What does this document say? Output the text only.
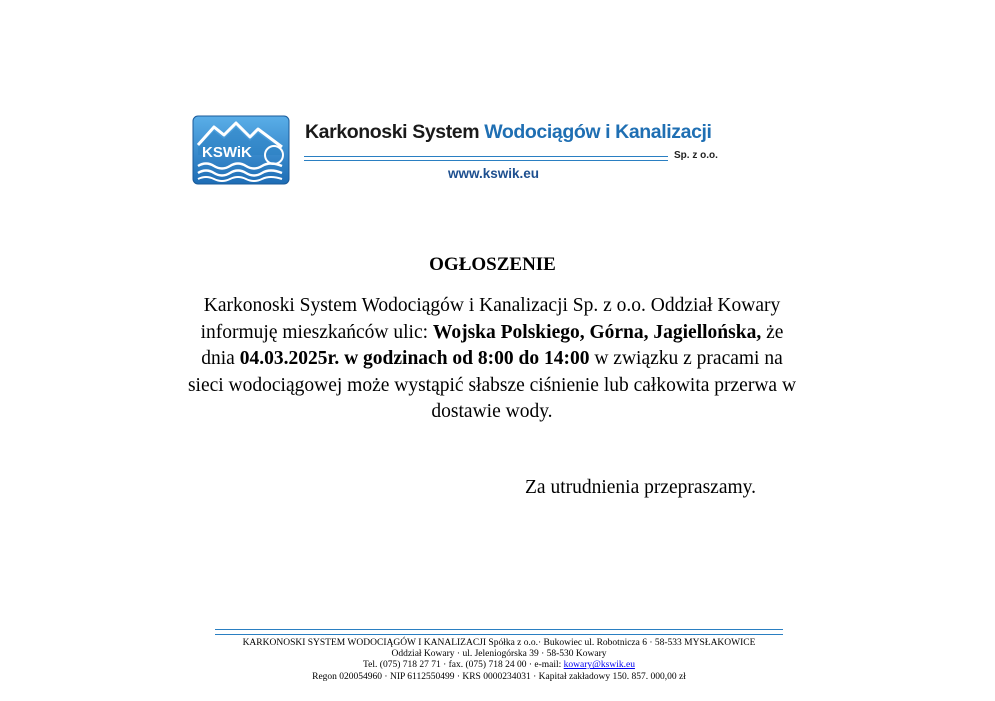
KSWiK
Karkonoski System Wodociągów i Kanalizacji
Sp. z o.o.
www.kswik.eu
OGŁOSZENIE
Karkonoski System Wodociągów i Kanalizacji Sp. z o.o. Oddział Kowary informuję mieszkańców ulic: Wojska Polskiego, Górna, Jagiellońska, że dnia 04.03.2025r. w godzinach od 8:00 do 14:00 w związku z pracami na sieci wodociągowej może wystąpić słabsze ciśnienie lub całkowita przerwa w dostawie wody.
Za utrudnienia przepraszamy.
KARKONOSKI SYSTEM WODOCIĄGÓW I KANALIZACJI Spółka z o.o.· Bukowiec ul. Robotnicza 6 · 58-533 MYSŁAKOWICE
Oddział Kowary · ul. Jeleniogórska 39 · 58-530 Kowary
Tel. (075) 718 27 71 · fax. (075) 718 24 00 · e-mail: kowary@kswik.eu
Regon 020054960 · NIP 6112550499 · KRS 0000234031 · Kapitał zakładowy 150. 857. 000,00 zł
